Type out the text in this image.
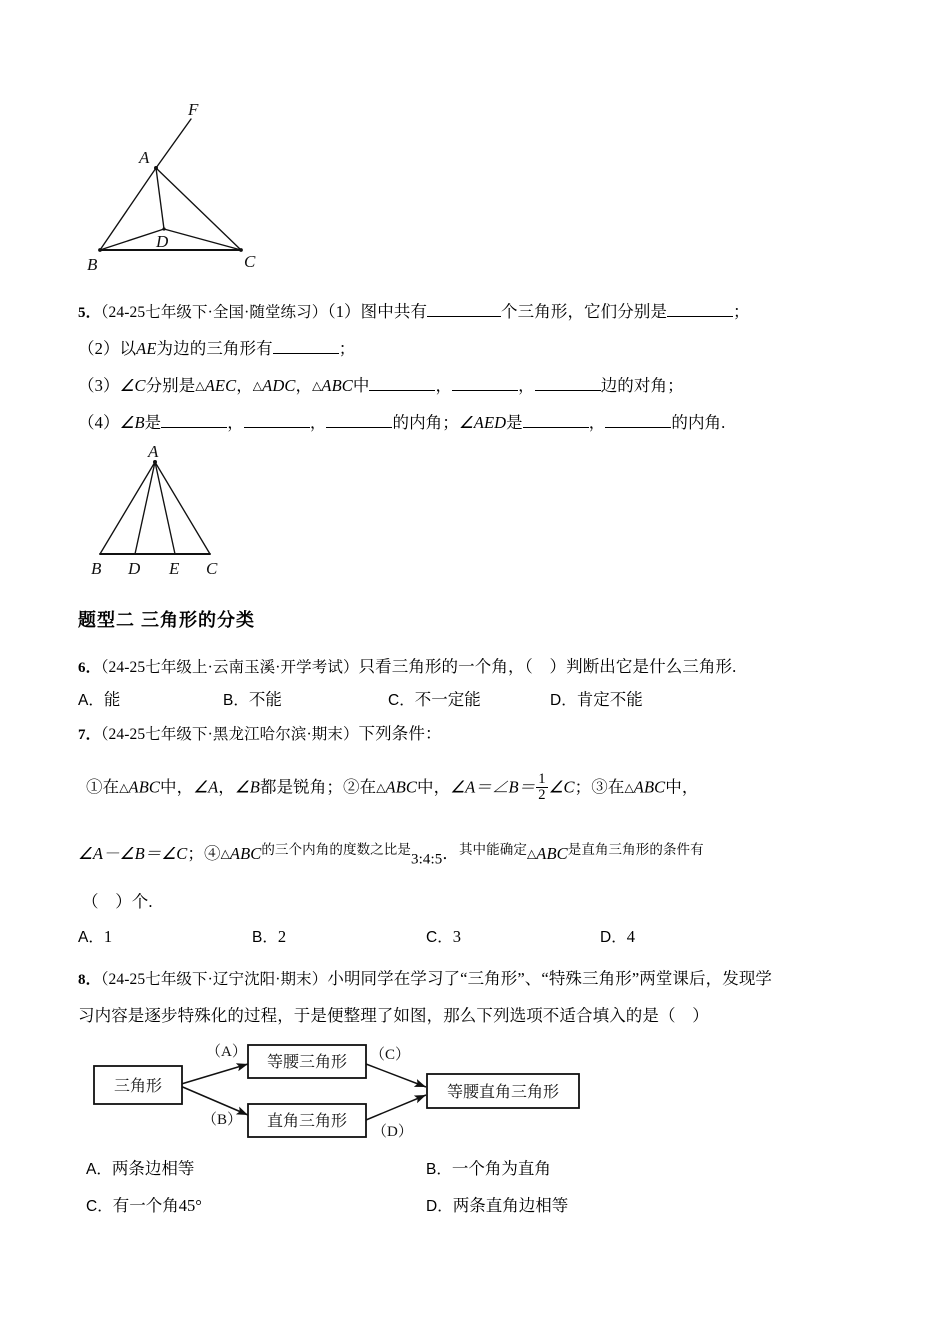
A
F
B	C
D
5．（24-25七年级下·全国·随堂练习）（1）图中共有	个三角形，它们分别是	；
（2）以AE为边的三角形有	；
（3）∠C分别是△AEC，△ADC，△ABC中	，	，	边的对角；
（4）∠B是	，	，	的内角；∠AED是	，	的内角.
A
B D E C
题型二 三角形的分类
6．（24-25七年级上·云南玉溪·开学考试）只看三角形的一个角，（　）判断出它是什么三角形.
A．能	B．不能	C．不一定能	D．肯定不能
7．（24-25七年级下·黑龙江哈尔滨·期末）下列条件：
①在△ABC中，∠A，∠B都是锐角；②在△ABC中，∠A＝∠B＝ $\frac{1}{2}$ ∠C；③在△ABC中，
∠A－∠B＝∠C；④△ABC$^{的三个内角的度数之比是}$3:4:5．$^{其中能确定}$△ABC$^{是直角三角形的条件有}$
（　）个.
A．1	B．2	C．3	D．4
8．（24-25七年级下·辽宁沈阳·期末）小明同学在学习了“三角形”、“特殊三角形”两堂课后，发现学
习内容是逐步特殊化的过程，于是便整理了如图，那么下列选项不适合填入的是（　）
A．两条边相等	B．一个角为直角
C．有一个角45°	D．两条直角边相等
三角形
等腰三角形
直角三角形
等腰直角三角形
（A）
（B）
（C）
（D）
